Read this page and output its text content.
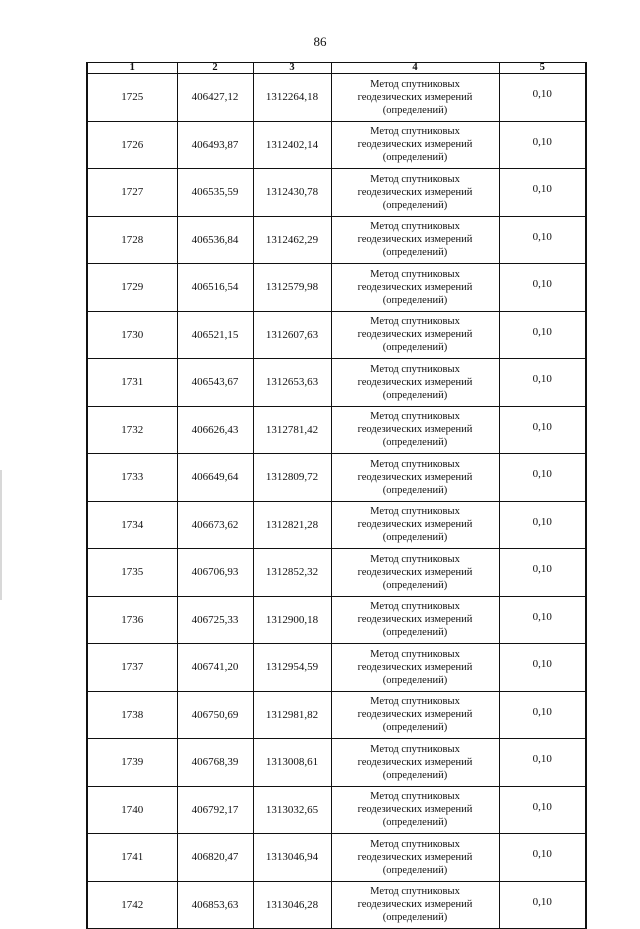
86
1	2	3	4	5
1725	406427,12	1312264,18	Метод спутниковых
геодезических измерений
(определений)	0,10
1726	406493,87	1312402,14	Метод спутниковых
геодезических измерений
(определений)	0,10
1727	406535,59	1312430,78	Метод спутниковых
геодезических измерений
(определений)	0,10
1728	406536,84	1312462,29	Метод спутниковых
геодезических измерений
(определений)	0,10
1729	406516,54	1312579,98	Метод спутниковых
геодезических измерений
(определений)	0,10
1730	406521,15	1312607,63	Метод спутниковых
геодезических измерений
(определений)	0,10
1731	406543,67	1312653,63	Метод спутниковых
геодезических измерений
(определений)	0,10
1732	406626,43	1312781,42	Метод спутниковых
геодезических измерений
(определений)	0,10
1733	406649,64	1312809,72	Метод спутниковых
геодезических измерений
(определений)	0,10
1734	406673,62	1312821,28	Метод спутниковых
геодезических измерений
(определений)	0,10
1735	406706,93	1312852,32	Метод спутниковых
геодезических измерений
(определений)	0,10
1736	406725,33	1312900,18	Метод спутниковых
геодезических измерений
(определений)	0,10
1737	406741,20	1312954,59	Метод спутниковых
геодезических измерений
(определений)	0,10
1738	406750,69	1312981,82	Метод спутниковых
геодезических измерений
(определений)	0,10
1739	406768,39	1313008,61	Метод спутниковых
геодезических измерений
(определений)	0,10
1740	406792,17	1313032,65	Метод спутниковых
геодезических измерений
(определений)	0,10
1741	406820,47	1313046,94	Метод спутниковых
геодезических измерений
(определений)	0,10
1742	406853,63	1313046,28	Метод спутниковых
геодезических измерений
(определений)	0,10
